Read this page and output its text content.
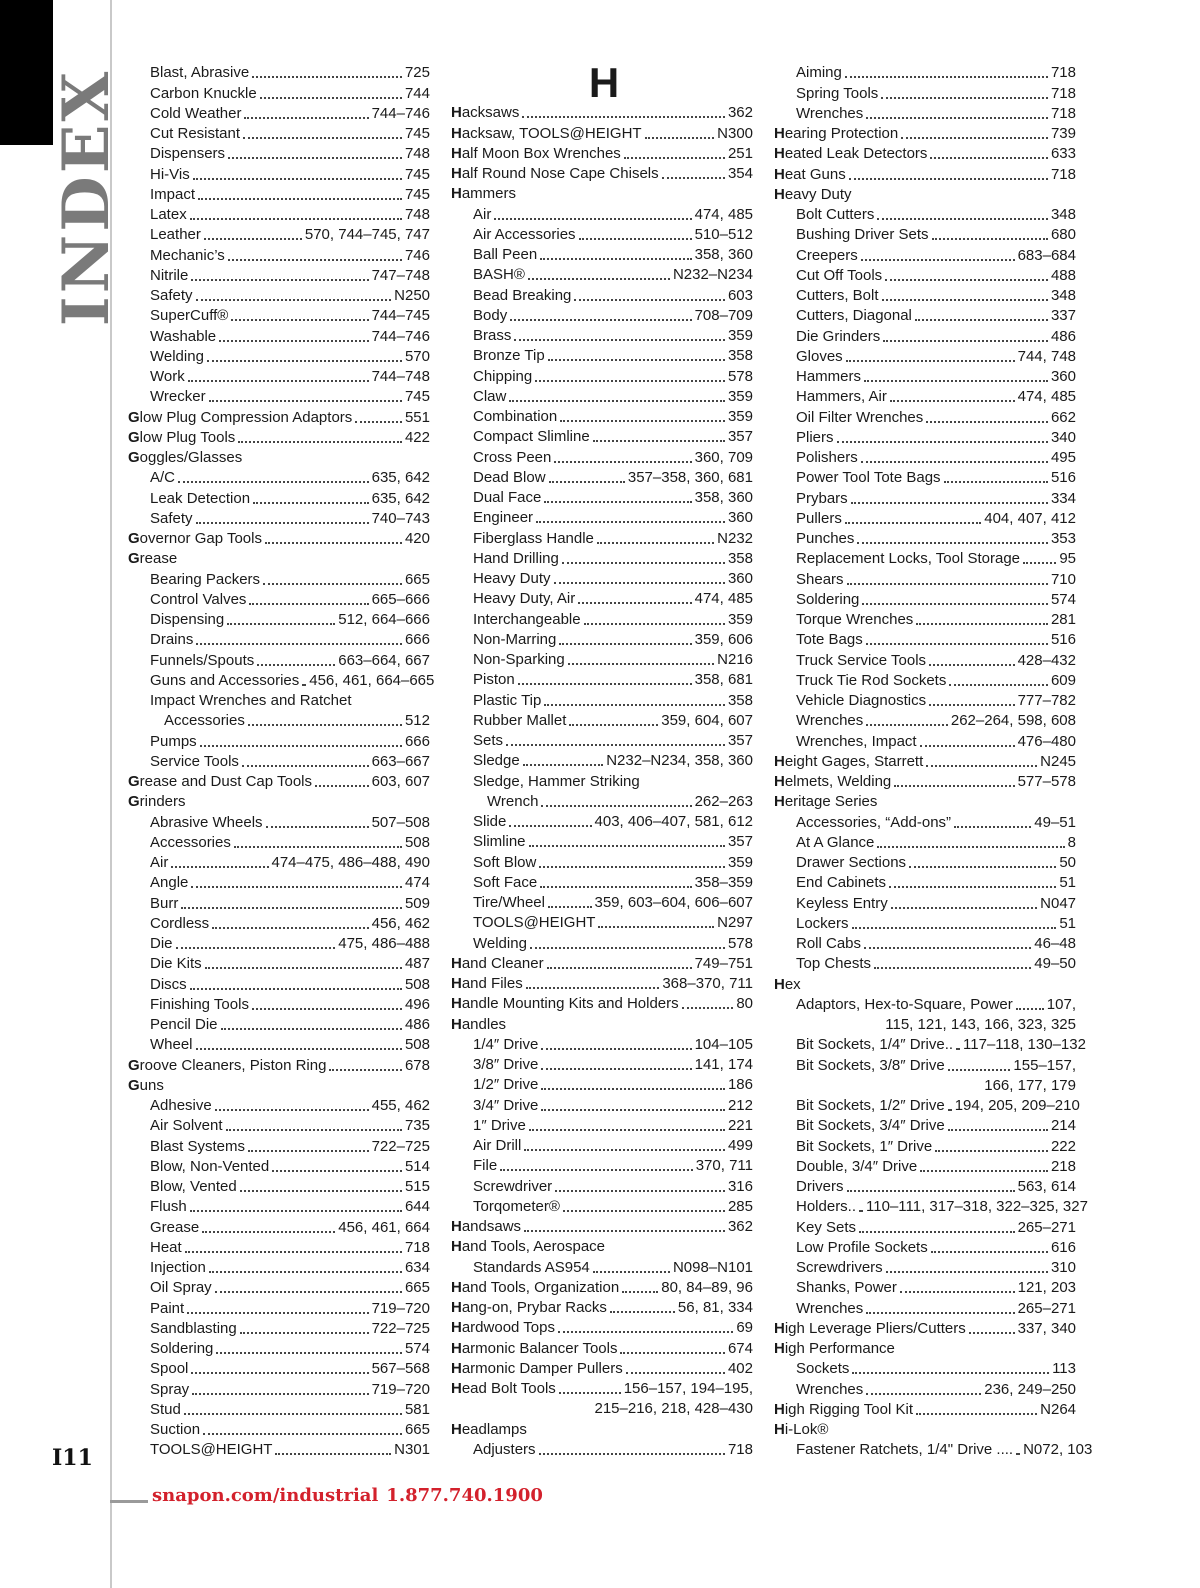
INDEX
I11
Blast, Abrasive	725
Carbon Knuckle	744
Cold Weather	744–746
Cut Resistant	745
Dispensers	748
Hi-Vis	745
Impact	745
Latex	748
Leather	570, 744–745, 747
Mechanic’s	746
Nitrile	747–748
Safety	N250
SuperCuff®	744–745
Washable	744–746
Welding	570
Work	744–748
Wrecker	745
Glow Plug Compression Adaptors	551
Glow Plug Tools	422
Goggles/Glasses
A/C	635, 642
Leak Detection	635, 642
Safety	740–743
Governor Gap Tools	420
Grease
Bearing Packers	665
Control Valves	665–666
Dispensing	512, 664–666
Drains	666
Funnels/Spouts	663–664, 667
Guns and Accessories 456, 461, 664–665
Impact Wrenches and Ratchet
Accessories	512
Pumps	666
Service Tools	663–667
Grease and Dust Cap Tools	603, 607
Grinders
Abrasive Wheels	507–508
Accessories	508
Air	474–475, 486–488, 490
Angle	474
Burr	509
Cordless	456, 462
Die	475, 486–488
Die Kits	487
Discs	508
Finishing Tools	496
Pencil Die	486
Wheel	508
Groove Cleaners, Piston Ring	678
Guns
Adhesive	455, 462
Air Solvent	735
Blast Systems	722–725
Blow, Non-Vented	514
Blow, Vented	515
Flush	644
Grease	456, 461, 664
Heat	718
Injection	634
Oil Spray	665
Paint	719–720
Sandblasting	722–725
Soldering	574
Spool	567–568
Spray	719–720
Stud	581
Suction	665
TOOLS@HEIGHT	N301
H
Hacksaws	362
Hacksaw, TOOLS@HEIGHT	N300
Half Moon Box Wrenches	251
Half Round Nose Cape Chisels	354
Hammers
Air	474, 485
Air Accessories	510–512
Ball Peen	358, 360
BASH®	N232–N234
Bead Breaking	603
Body	708–709
Brass	359
Bronze Tip	358
Chipping	578
Claw	359
Combination	359
Compact Slimline	357
Cross Peen	360, 709
Dead Blow	357–358, 360, 681
Dual Face	358, 360
Engineer	360
Fiberglass Handle	N232
Hand Drilling	358
Heavy Duty	360
Heavy Duty, Air	474, 485
Interchangeable	359
Non-Marring	359, 606
Non-Sparking	N216
Piston	358, 681
Plastic Tip	358
Rubber Mallet	359, 604, 607
Sets	357
Sledge	N232–N234, 358, 360
Sledge, Hammer Striking
Wrench	262–263
Slide	403, 406–407, 581, 612
Slimline	357
Soft Blow	359
Soft Face	358–359
Tire/Wheel	359, 603–604, 606–607
TOOLS@HEIGHT	N297
Welding	578
Hand Cleaner	749–751
Hand Files	368–370, 711
Handle Mounting Kits and Holders	80
Handles
1/4″ Drive	104–105
3/8″ Drive	141, 174
1/2″ Drive	186
3/4″ Drive	212
1″ Drive	221
Air Drill	499
File	370, 711
Screwdriver	316
Torqometer®	285
Handsaws	362
Hand Tools, Aerospace
Standards AS954	N098–N101
Hand Tools, Organization	80, 84–89, 96
Hang-on, Prybar Racks	56, 81, 334
Hardwood Tops	69
Harmonic Balancer Tools	674
Harmonic Damper Pullers	402
Head Bolt Tools	156–157, 194–195,
215–216, 218, 428–430
Headlamps
Adjusters	718
Aiming	718
Spring Tools	718
Wrenches	718
Hearing Protection	739
Heated Leak Detectors	633
Heat Guns	718
Heavy Duty
Bolt Cutters	348
Bushing Driver Sets	680
Creepers	683–684
Cut Off Tools	488
Cutters, Bolt	348
Cutters, Diagonal	337
Die Grinders	486
Gloves	744, 748
Hammers	360
Hammers, Air	474, 485
Oil Filter Wrenches	662
Pliers	340
Polishers	495
Power Tool Tote Bags	516
Prybars	334
Pullers	404, 407, 412
Punches	353
Replacement Locks, Tool Storage	95
Shears	710
Soldering	574
Torque Wrenches	281
Tote Bags	516
Truck Service Tools	428–432
Truck Tie Rod Sockets	609
Vehicle Diagnostics	777–782
Wrenches	262–264, 598, 608
Wrenches, Impact	476–480
Height Gages, Starrett	N245
Helmets, Welding	577–578
Heritage Series
Accessories, “Add-ons”	49–51
At A Glance	8
Drawer Sections	50
End Cabinets	51
Keyless Entry	N047
Lockers	51
Roll Cabs	46–48
Top Chests	49–50
Hex
Adaptors, Hex-to-Square, Power 107,
115, 121, 143, 166, 323, 325
Bit Sockets, 1/4″ Drive.. 117–118, 130–132
Bit Sockets, 3/8″ Drive	155–157,
166, 177, 179
Bit Sockets, 1/2″ Drive 194, 205, 209–210
Bit Sockets, 3/4″ Drive	214
Bit Sockets, 1″ Drive	222
Double, 3/4″ Drive	218
Drivers	563, 614
Holders.. 110–111, 317–318, 322–325, 327
Key Sets	265–271
Low Profile Sockets	616
Screwdrivers	310
Shanks, Power	121, 203
Wrenches	265–271
High Leverage Pliers/Cutters	337, 340
High Performance
Sockets	113
Wrenches	236, 249–250
High Rigging Tool Kit	N264
Hi-Lok®
Fastener Ratchets, 1/4" Drive .... N072, 103
snapon.com/industrial 1.877.740.1900
